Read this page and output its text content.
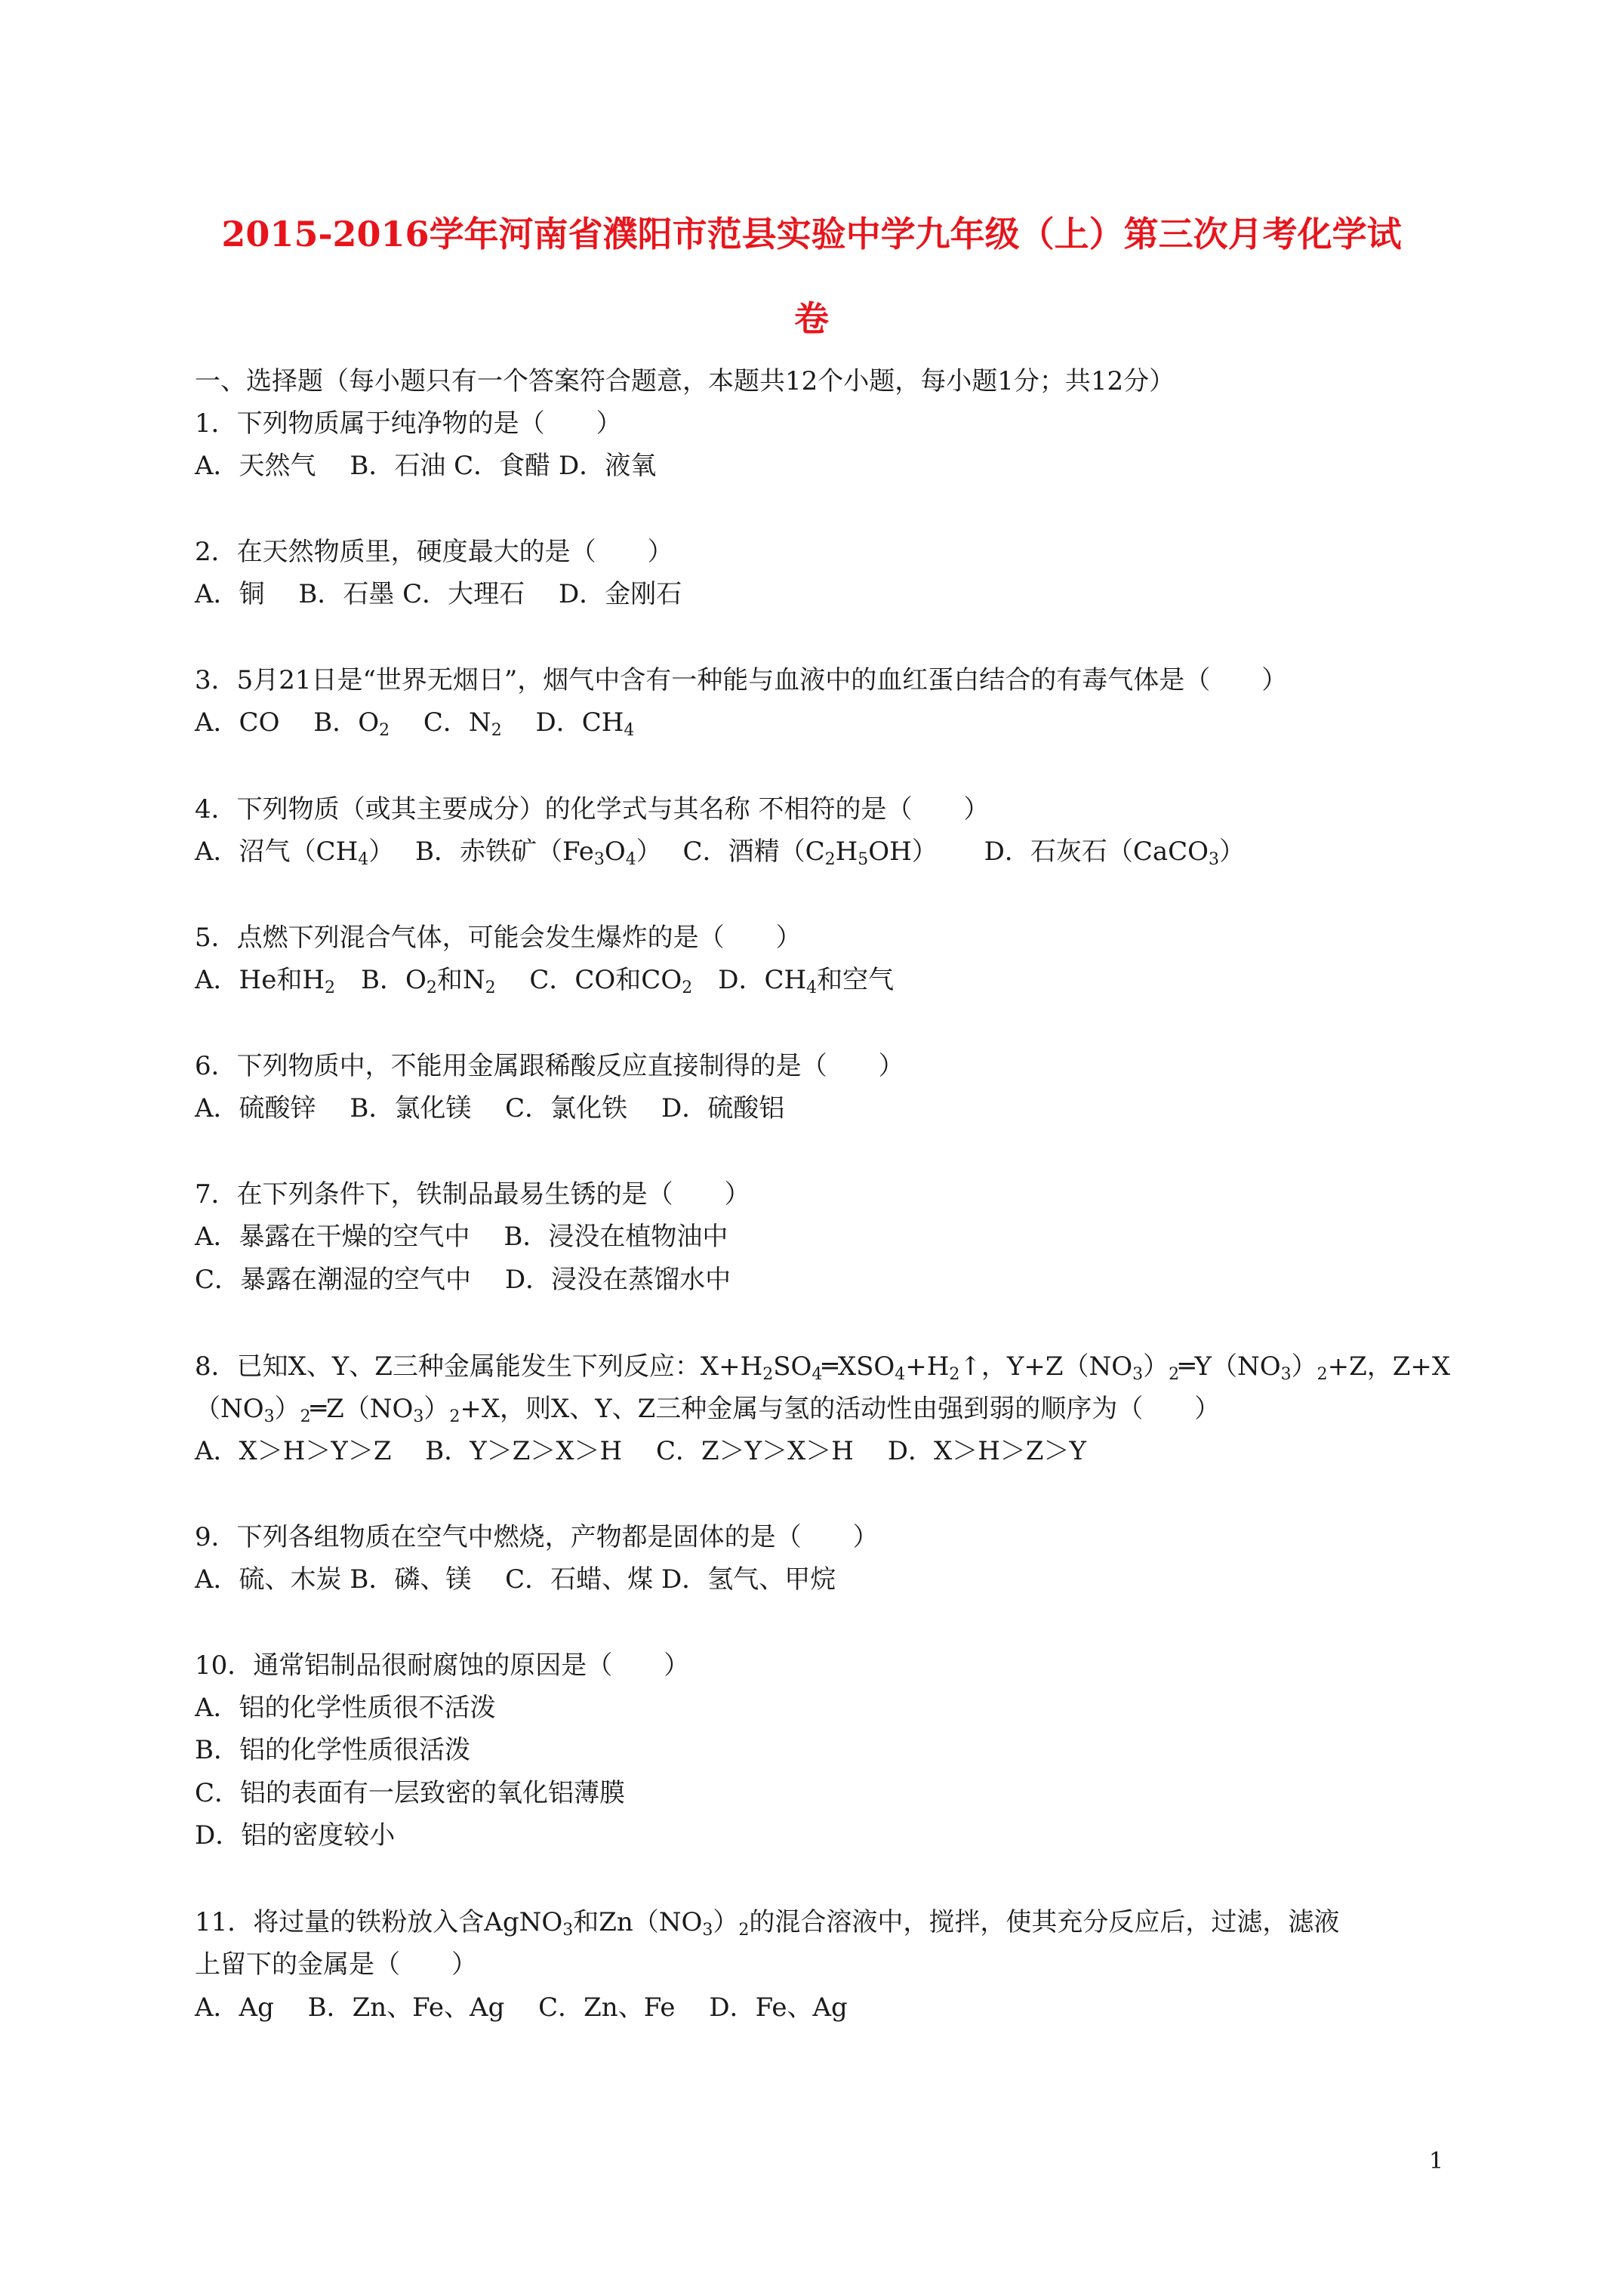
2015-2016学年河南省濮阳市范县实验中学九年级（上）第三次月考化学试
卷
一、选择题（每小题只有一个答案符合题意，本题共12个小题，每小题1分；共12分）
1．下列物质属于纯净物的是（　　）
A．天然气　 B．石油 C．食醋 D．液氧
2．在天然物质里，硬度最大的是（　　）
A．铜　 B．石墨 C．大理石　 D．金刚石
3．5月21日是“世界无烟日”，烟气中含有一种能与血液中的血红蛋白结合的有毒气体是（　　）
A．CO　 B．$O_2$　 C．$N_2$　 D．$CH_4$
4．下列物质（或其主要成分）的化学式与其名称 不相符的是（　　）
A．沼气$(CH_4)$　 B．赤铁矿$(Fe_3O_4)$　 C．酒精$(C_2H_5OH)$　　 D．石灰石（CaCO$_3$）
5．点燃下列混合气体，可能会发生爆炸的是（　　）
A．He和$H_2$　B．$O_2$和$N_2$　 C．CO和$CO_2$　D．$CH_4$和空气
6．下列物质中，不能用金属跟稀酸反应直接制得的是（　　）
A．硫酸锌　 B．氯化镁　 C．氯化铁　 D．硫酸铝
7．在下列条件下，铁制品最易生锈的是（　　）
A．暴露在干燥的空气中　 B．浸没在植物油中
C．暴露在潮湿的空气中　 D．浸没在蒸馏水中
8．已知X、Y、Z三种金属能发生下列反应：$X+H_2SO_4═XSO_4+H_2↑$，$Y+Z(NO_3)_2═Y(NO_3)_2+Z$，Z+X
$(NO_3)_2═Z(NO_3)_2+X$，则X、Y、Z三种金属与氢的活动性由强到弱的顺序为（　　）
A．X＞H＞Y＞Z　 B．Y＞Z＞X＞H　 C．Z＞Y＞X＞H　 D．X＞H＞Z＞Y
9．下列各组物质在空气中燃烧，产物都是固体的是（　　）
A．硫、木炭 B．磷、镁　 C．石蜡、煤 D．氢气、甲烷
10．通常铝制品很耐腐蚀的原因是（　　）
A．铝的化学性质很不活泼
B．铝的化学性质很活泼
C．铝的表面有一层致密的氧化铝薄膜
D．铝的密度较小
11．将过量的铁粉放入含AgNO$_3$和$Zn(NO_3)_2$的混合溶液中，搅拌，使其充分反应后，过滤，滤液
上留下的金属是（　　）
A．Ag　 B．Zn、Fe、Ag　 C．Zn、Fe　 D．Fe、Ag
1
